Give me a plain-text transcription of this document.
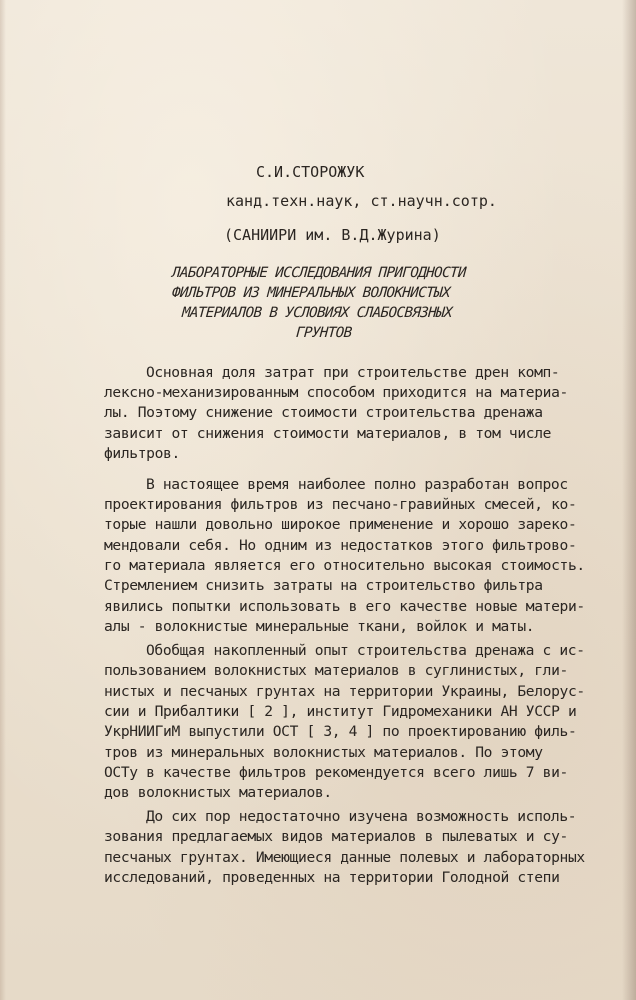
С.И.СТОРОЖУК
канд.техн.наук, ст.научн.сотр.
(САНИИРИ им. В.Д.Журина)
ЛАБОРАТОРНЫЕ ИССЛЕДОВАНИЯ ПРИГОДНОСТИ
ФИЛЬТРОВ ИЗ МИНЕРАЛЬНЫХ ВОЛОКНИСТЫХ
МАТЕРИАЛОВ В УСЛОВИЯХ СЛАБОСВЯЗНЫХ
ГРУНТОВ
Основная доля затрат при строительстве дрен комп-
лексно-механизированным способом приходится на материа-
лы. Поэтому снижение стоимости строительства дренажа
зависит от снижения стоимости материалов, в том числе
фильтров.
В настоящее время наиболее полно разработан вопрос
проектирования фильтров из песчано-гравийных смесей, ко-
торые нашли довольно широкое применение и хорошо зареко-
мендовали себя. Но одним из недостатков этого фильтрово-
го материала является его относительно высокая стоимость.
Стремлением снизить затраты на строительство фильтра
явились попытки использовать в его качестве новые матери-
алы - волокнистые минеральные ткани, войлок и маты.
Обобщая накопленный опыт строительства дренажа с ис-
пользованием волокнистых материалов в суглинистых, гли-
нистых и песчаных грунтах на территории Украины, Белорус-
сии и Прибалтики [ 2 ], институт Гидромеханики АН УССР и
УкрНИИГиМ выпустили ОСТ [ 3, 4 ] по проектированию филь-
тров из минеральных волокнистых материалов. По этому
ОСТу в качестве фильтров рекомендуется всего лишь 7 ви-
дов волокнистых материалов.
До сих пор недостаточно изучена возможность исполь-
зования предлагаемых видов материалов в пылеватых и су-
песчаных грунтах. Имеющиеся данные полевых и лабораторных
исследований, проведенных на территории Голодной степи
